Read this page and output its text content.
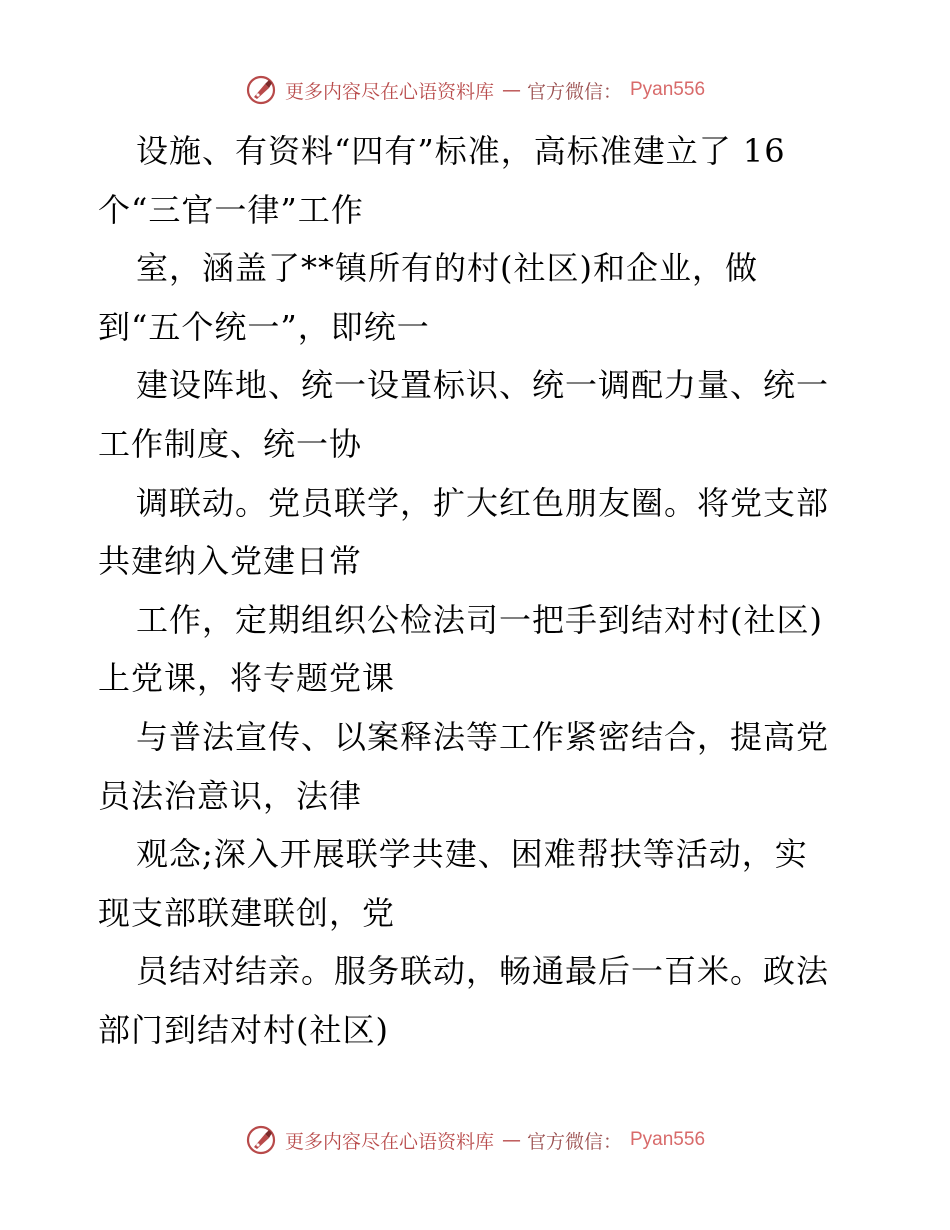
更多内容尽在心语资料库 — 官方微信： Pyan556
设施、有资料“四有”标准，高标准建立了 16
个“三官一律”工作
室，涵盖了**镇所有的村(社区)和企业，做
到“五个统一”，即统一
建设阵地、统一设置标识、统一调配力量、统一
工作制度、统一协
调联动。党员联学，扩大红色朋友圈。将党支部
共建纳入党建日常
工作，定期组织公检法司一把手到结对村(社区)
上党课，将专题党课
与普法宣传、以案释法等工作紧密结合，提高党
员法治意识，法律
观念;深入开展联学共建、困难帮扶等活动，实
现支部联建联创，党
员结对结亲。服务联动，畅通最后一百米。政法
部门到结对村(社区)
更多内容尽在心语资料库 — 官方微信： Pyan556
